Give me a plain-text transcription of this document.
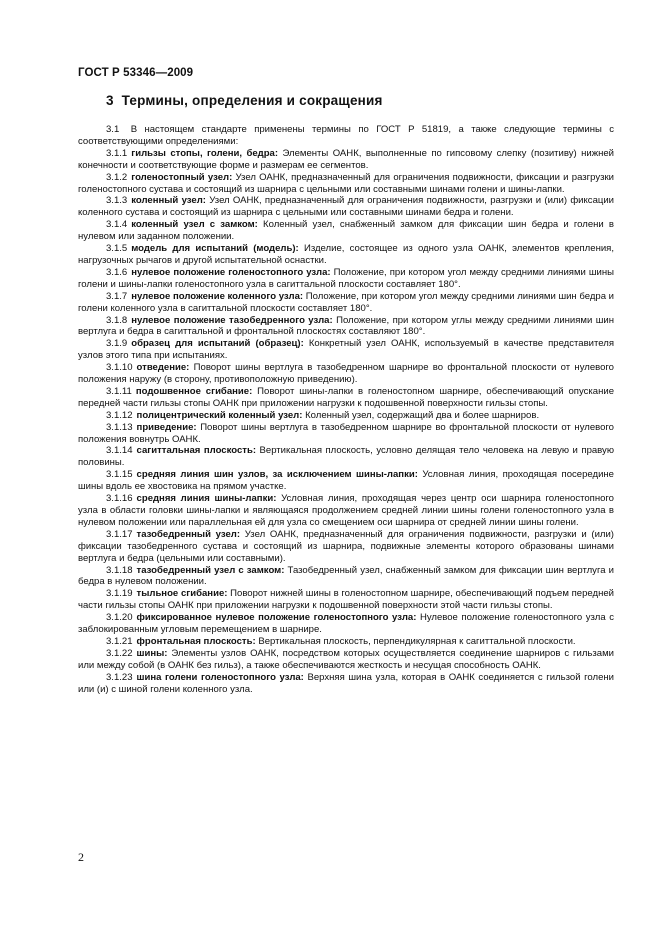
ГОСТ Р 53346—2009
3 Термины, определения и сокращения

3.1 В настоящем стандарте применены термины по ГОСТ Р 51819, а также следующие термины с соответствующими определениями:

3.1.1 гильзы стопы, голени, бедра: Элементы ОАНК, выполненные по гипсовому слепку (позитиву) нижней конечности и соответствующие форме и размерам ее сегментов.

3.1.2 голеностопный узел: Узел ОАНК, предназначенный для ограничения подвижности, фиксации и разгрузки голеностопного сустава и состоящий из шарнира с цельными или составными шинами голени и шины-лапки.

3.1.3 коленный узел: Узел ОАНК, предназначенный для ограничения подвижности, разгрузки и (или) фиксации коленного сустава и состоящий из шарнира с цельными или составными шинами бедра и голени.

3.1.4 коленный узел с замком: Коленный узел, снабженный замком для фиксации шин бедра и голени в нулевом или заданном положении.

3.1.5 модель для испытаний (модель): Изделие, состоящее из одного узла ОАНК, элементов крепления, нагрузочных рычагов и другой испытательной оснастки.

3.1.6 нулевое положение голеностопного узла: Положение, при котором угол между средними линиями шины голени и шины-лапки голеностопного узла в сагиттальной плоскости составляет 180°.

3.1.7 нулевое положение коленного узла: Положение, при котором угол между средними линиями шин бедра и голени коленного узла в сагиттальной плоскости составляет 180°.

3.1.8 нулевое положение тазобедренного узла: Положение, при котором углы между средними линиями шин вертлуга и бедра в сагиттальной и фронтальной плоскостях составляют 180°.

3.1.9 образец для испытаний (образец): Конкретный узел ОАНК, используемый в качестве представителя узлов этого типа при испытаниях.

3.1.10 отведение: Поворот шины вертлуга в тазобедренном шарнире во фронтальной плоскости от нулевого положения наружу (в сторону, противоположную приведению).

3.1.11 подошвенное сгибание: Поворот шины-лапки в голеностопном шарнире, обеспечивающий опускание передней части гильзы стопы ОАНК при приложении нагрузки к подошвенной поверхности гильзы стопы.

3.1.12 полицентрический коленный узел: Коленный узел, содержащий два и более шарниров.

3.1.13 приведение: Поворот шины вертлуга в тазобедренном шарнире во фронтальной плоскости от нулевого положения вовнутрь ОАНК.

3.1.14 сагиттальная плоскость: Вертикальная плоскость, условно делящая тело человека на левую и правую половины.

3.1.15 средняя линия шин узлов, за исключением шины-лапки: Условная линия, проходящая посередине шины вдоль ее хвостовика на прямом участке.

3.1.16 средняя линия шины-лапки: Условная линия, проходящая через центр оси шарнира голеностопного узла в области головки шины-лапки и являющаяся продолжением средней линии шины голени голеностопного узла в нулевом положении или параллельная ей для узла со смещением оси шарнира от средней линии шины голени.

3.1.17 тазобедренный узел: Узел ОАНК, предназначенный для ограничения подвижности, разгрузки и (или) фиксации тазобедренного сустава и состоящий из шарнира, подвижные элементы которого образованы шинами вертлуга и бедра (цельными или составными).

3.1.18 тазобедренный узел с замком: Тазобедренный узел, снабженный замком для фиксации шин вертлуга и бедра в нулевом положении.

3.1.19 тыльное сгибание: Поворот нижней шины в голеностопном шарнире, обеспечивающий подъем передней части гильзы стопы ОАНК при приложении нагрузки к подошвенной поверхности этой части гильзы стопы.

3.1.20 фиксированное нулевое положение голеностопного узла: Нулевое положение голеностопного узла с заблокированным угловым перемещением в шарнире.

3.1.21 фронтальная плоскость: Вертикальная плоскость, перпендикулярная к сагиттальной плоскости.

3.1.22 шины: Элементы узлов ОАНК, посредством которых осуществляется соединение шарниров с гильзами или между собой (в ОАНК без гильз), а также обеспечиваются жесткость и несущая способность ОАНК.

3.1.23 шина голени голеностопного узла: Верхняя шина узла, которая в ОАНК соединяется с гильзой голени или (и) с шиной голени коленного узла.

2
